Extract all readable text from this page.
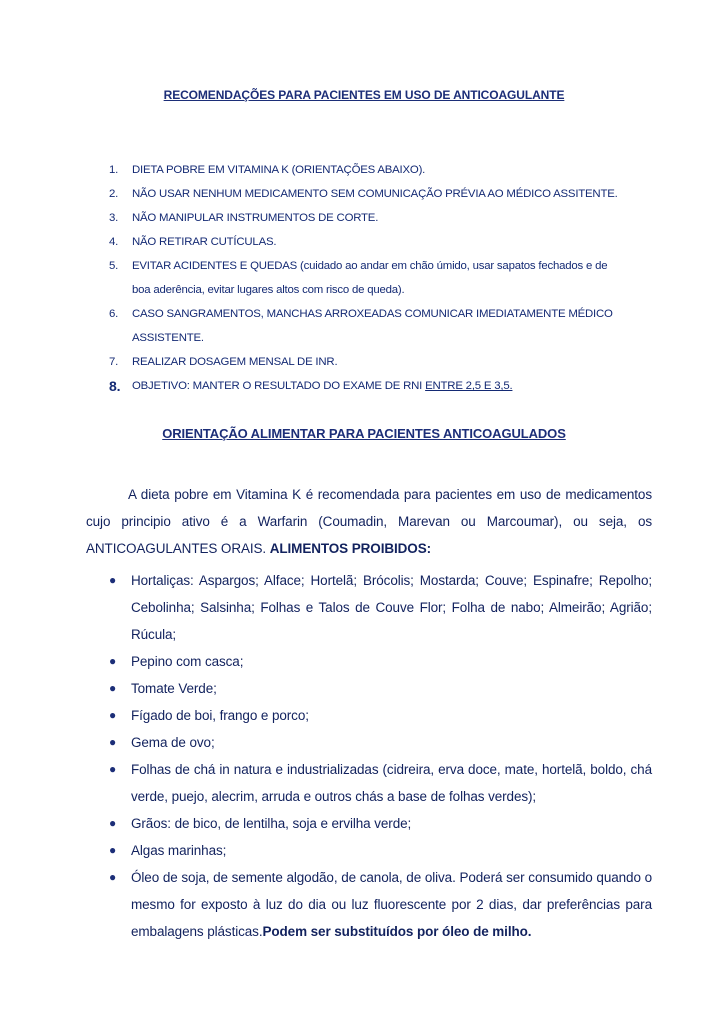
RECOMENDAÇÕES PARA PACIENTES EM USO DE ANTICOAGULANTE
1.	DIETA POBRE EM VITAMINA K (ORIENTAÇÕES ABAIXO).
2.	NÃO USAR NENHUM MEDICAMENTO SEM COMUNICAÇÃO PRÉVIA AO MÉDICO ASSITENTE.
3.	NÃO MANIPULAR INSTRUMENTOS DE CORTE.
4.	NÃO RETIRAR CUTÍCULAS.
5.	EVITAR ACIDENTES E QUEDAS (cuidado ao andar em chão úmido, usar sapatos fechados e de
boa aderência, evitar lugares altos com risco de queda).
6.	CASO SANGRAMENTOS, MANCHAS ARROXEADAS COMUNICAR IMEDIATAMENTE MÉDICO
ASSISTENTE.
7.	REALIZAR DOSAGEM MENSAL DE INR.
8.	OBJETIVO: MANTER O RESULTADO DO EXAME DE RNI ENTRE 2,5 E 3,5.
ORIENTAÇÃO ALIMENTAR PARA PACIENTES ANTICOAGULADOS
A dieta pobre em Vitamina K é recomendada para pacientes em uso de medicamentos cujo principio ativo é a Warfarin (Coumadin, Marevan ou Marcoumar), ou seja, os ANTICOAGULANTES ORAIS. ALIMENTOS PROIBIDOS:
● Hortaliças: Aspargos; Alface; Hortelã; Brócolis; Mostarda; Couve; Espinafre; Repolho; Cebolinha; Salsinha; Folhas e Talos de Couve Flor; Folha de nabo; Almeirão; Agrião; Rúcula;
● Pepino com casca;
● Tomate Verde;
● Fígado de boi, frango e porco;
● Gema de ovo;
● Folhas de chá in natura e industrializadas (cidreira, erva doce, mate, hortelã, boldo, chá verde, puejo, alecrim, arruda e outros chás a base de folhas verdes);
● Grãos: de bico, de lentilha, soja e ervilha verde;
● Algas marinhas;
● Óleo de soja, de semente algodão, de canola, de oliva. Poderá ser consumido quando o mesmo for exposto à luz do dia ou luz fluorescente por 2 dias, dar preferências para embalagens plásticas.Podem ser substituídos por óleo de milho.
